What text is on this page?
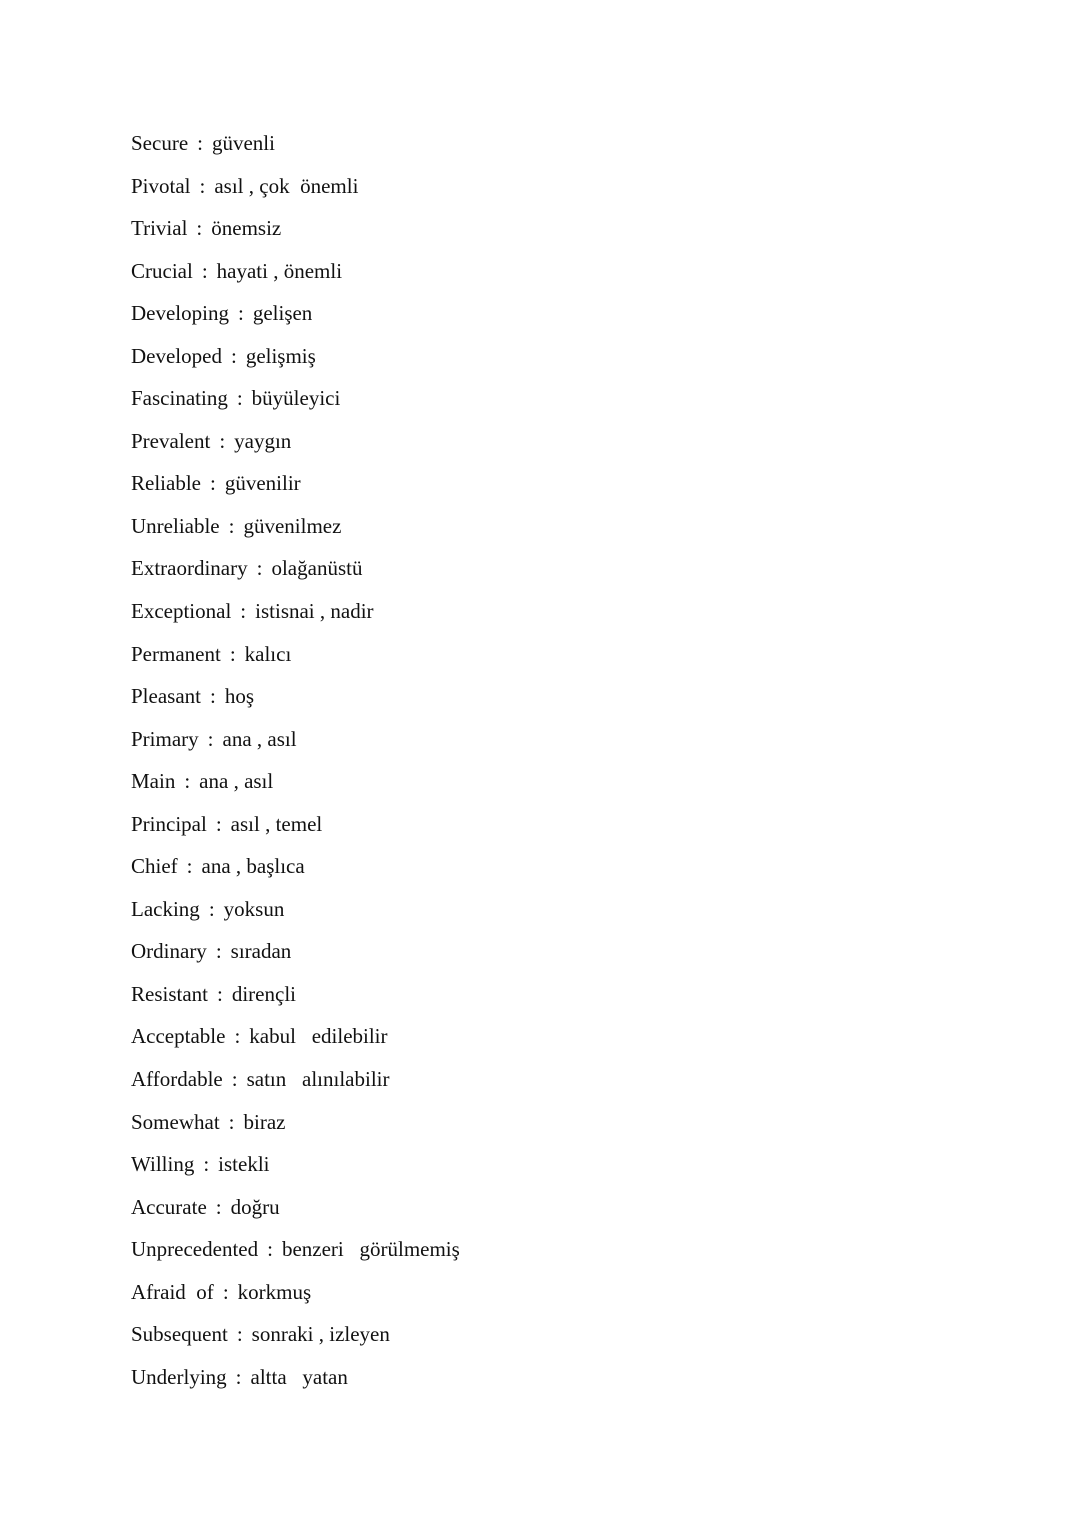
Secure : güvenli
Pivotal : asıl , çok  önemli
Trivial : önemsiz
Crucial : hayati , önemli
Developing : gelişen
Developed : gelişmiş
Fascinating : büyüleyici
Prevalent : yaygın
Reliable : güvenilir
Unreliable : güvenilmez
Extraordinary : olağanüstü
Exceptional : istisnai , nadir
Permanent : kalıcı
Pleasant : hoş
Primary : ana , asıl
Main : ana , asıl
Principal : asıl , temel
Chief : ana , başlıca
Lacking : yoksun
Ordinary : sıradan
Resistant : dirençli
Acceptable : kabul   edilebilir
Affordable : satın   alınılabilir
Somewhat : biraz
Willing : istekli
Accurate : doğru
Unprecedented : benzeri   görülmemiş
Afraid  of : korkmuş
Subsequent : sonraki , izleyen
Underlying : altta   yatan
